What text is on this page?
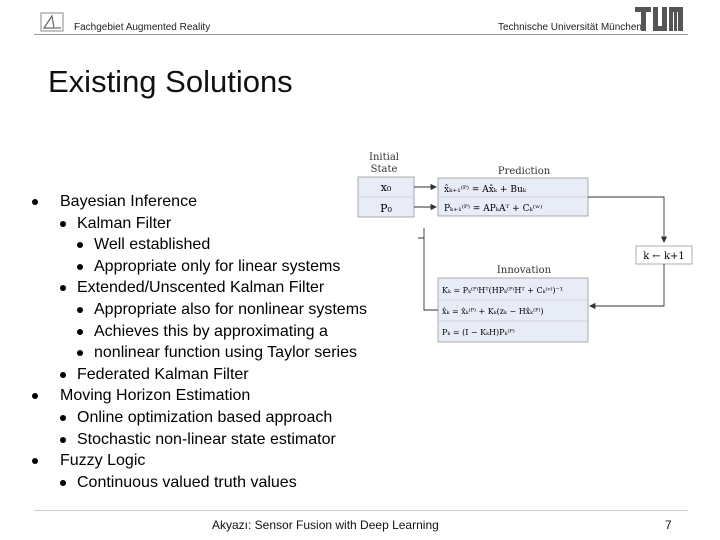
Fachgebiet Augmented Reality	Technische Universität München
Existing Solutions
Bayesian Inference
Kalman Filter
Well established
Appropriate only for linear systems
Extended/Unscented Kalman Filter
Appropriate also for nonlinear systems
Achieves this by approximating a
nonlinear function using Taylor series
Federated Kalman Filter
Moving Horizon Estimation
Online optimization based approach
Stochastic non-linear state estimator
Fuzzy Logic
Continuous valued truth values
Initial
State
x₀
P₀
Prediction
x̂ₖ₊₁⁽ᴾ⁾ = Ax̂ₖ + Buₖ
Pₖ₊₁⁽ᴾ⁾ = APₖAᵀ + Cₖ⁽ʷ⁾
k ← k+1
Innovation
Kₖ = Pₖ⁽ᴾ⁾Hᵀ(HPₖ⁽ᴾ⁾Hᵀ + Cₖ⁽ᵛ⁾)⁻¹
x̂ₖ = x̂ₖ⁽ᴾ⁾ + Kₖ(zₖ − Hx̂ₖ⁽ᴾ⁾)
Pₖ = (I − KₖH)Pₖ⁽ᴾ⁾
Akyazı: Sensor Fusion with Deep Learning	7
